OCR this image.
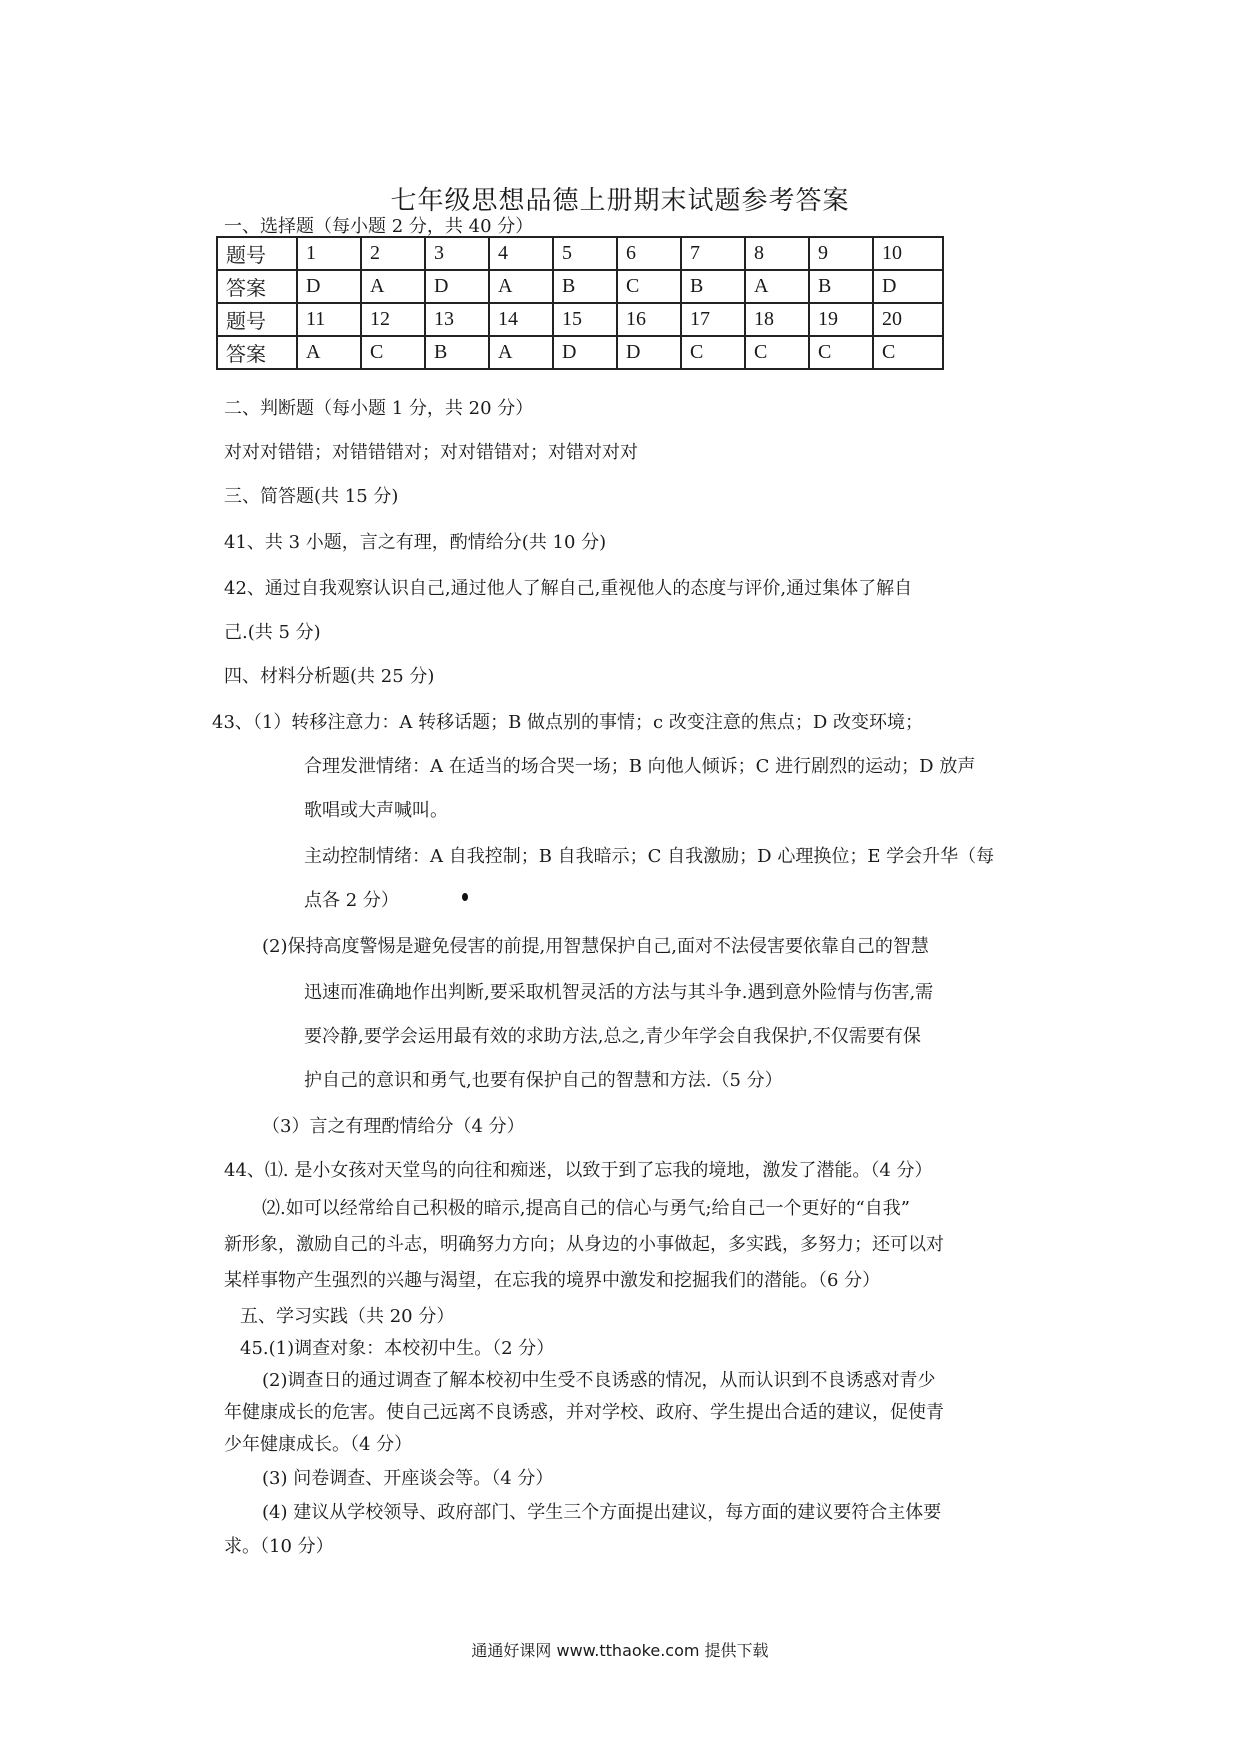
七年级思想品德上册期末试题参考答案
一、选择题（每小题 2 分，共 40 分）
题号	1	2	3	4	5	6	7	8	9	10
答案	D	A	D	A	B	C	B	A	B	D
题号	11	12	13	14	15	16	17	18	19	20
答案	A	C	B	A	D	D	C	C	C	C
二、判断题（每小题 1 分，共 20 分）
对对对错错；对错错错对；对对错错对；对错对对对
三、简答题(共 15 分)
41、共 3 小题，言之有理，酌情给分(共 10 分)
42、通过自我观察认识自己,通过他人了解自己,重视他人的态度与评价,通过集体了解自
己.(共 5 分)
四、材料分析题(共 25 分)
43、（1）转移注意力：A 转移话题；B 做点别的事情；c 改变注意的焦点；D 改变环境；
合理发泄情绪：A 在适当的场合哭一场；B 向他人倾诉；C 进行剧烈的运动；D 放声
歌唱或大声喊叫。
主动控制情绪：A 自我控制；B 自我暗示；C 自我激励；D 心理换位；E 学会升华（每
点各 2 分）
(2)保持高度警惕是避免侵害的前提,用智慧保护自己,面对不法侵害要依靠自己的智慧
迅速而准确地作出判断,要采取机智灵活的方法与其斗争.遇到意外险情与伤害,需
要冷静,要学会运用最有效的求助方法,总之,青少年学会自我保护,不仅需要有保
护自己的意识和勇气,也要有保护自己的智慧和方法.（5 分）
（3）言之有理酌情给分（4 分）
44、⑴. 是小女孩对天堂鸟的向往和痴迷，以致于到了忘我的境地，激发了潜能。（4 分）
⑵.如可以经常给自己积极的暗示,提高自己的信心与勇气;给自己一个更好的“自我”
新形象，激励自己的斗志，明确努力方向；从身边的小事做起，多实践，多努力；还可以对
某样事物产生强烈的兴趣与渴望，在忘我的境界中激发和挖掘我们的潜能。（6 分）
五、学习实践（共 20 分）
45.(1)调查对象：本校初中生。（2 分）
(2)调查日的通过调查了解本校初中生受不良诱惑的情况，从而认识到不良诱惑对青少
年健康成长的危害。使自己远离不良诱惑，并对学校、政府、学生提出合适的建议，促使青
少年健康成长。（4 分）
(3) 问卷调查、开座谈会等。（4 分）
(4) 建议从学校领导、政府部门、学生三个方面提出建议，每方面的建议要符合主体要
求。（10 分）
通通好课网 www.tthaoke.com 提供下载
